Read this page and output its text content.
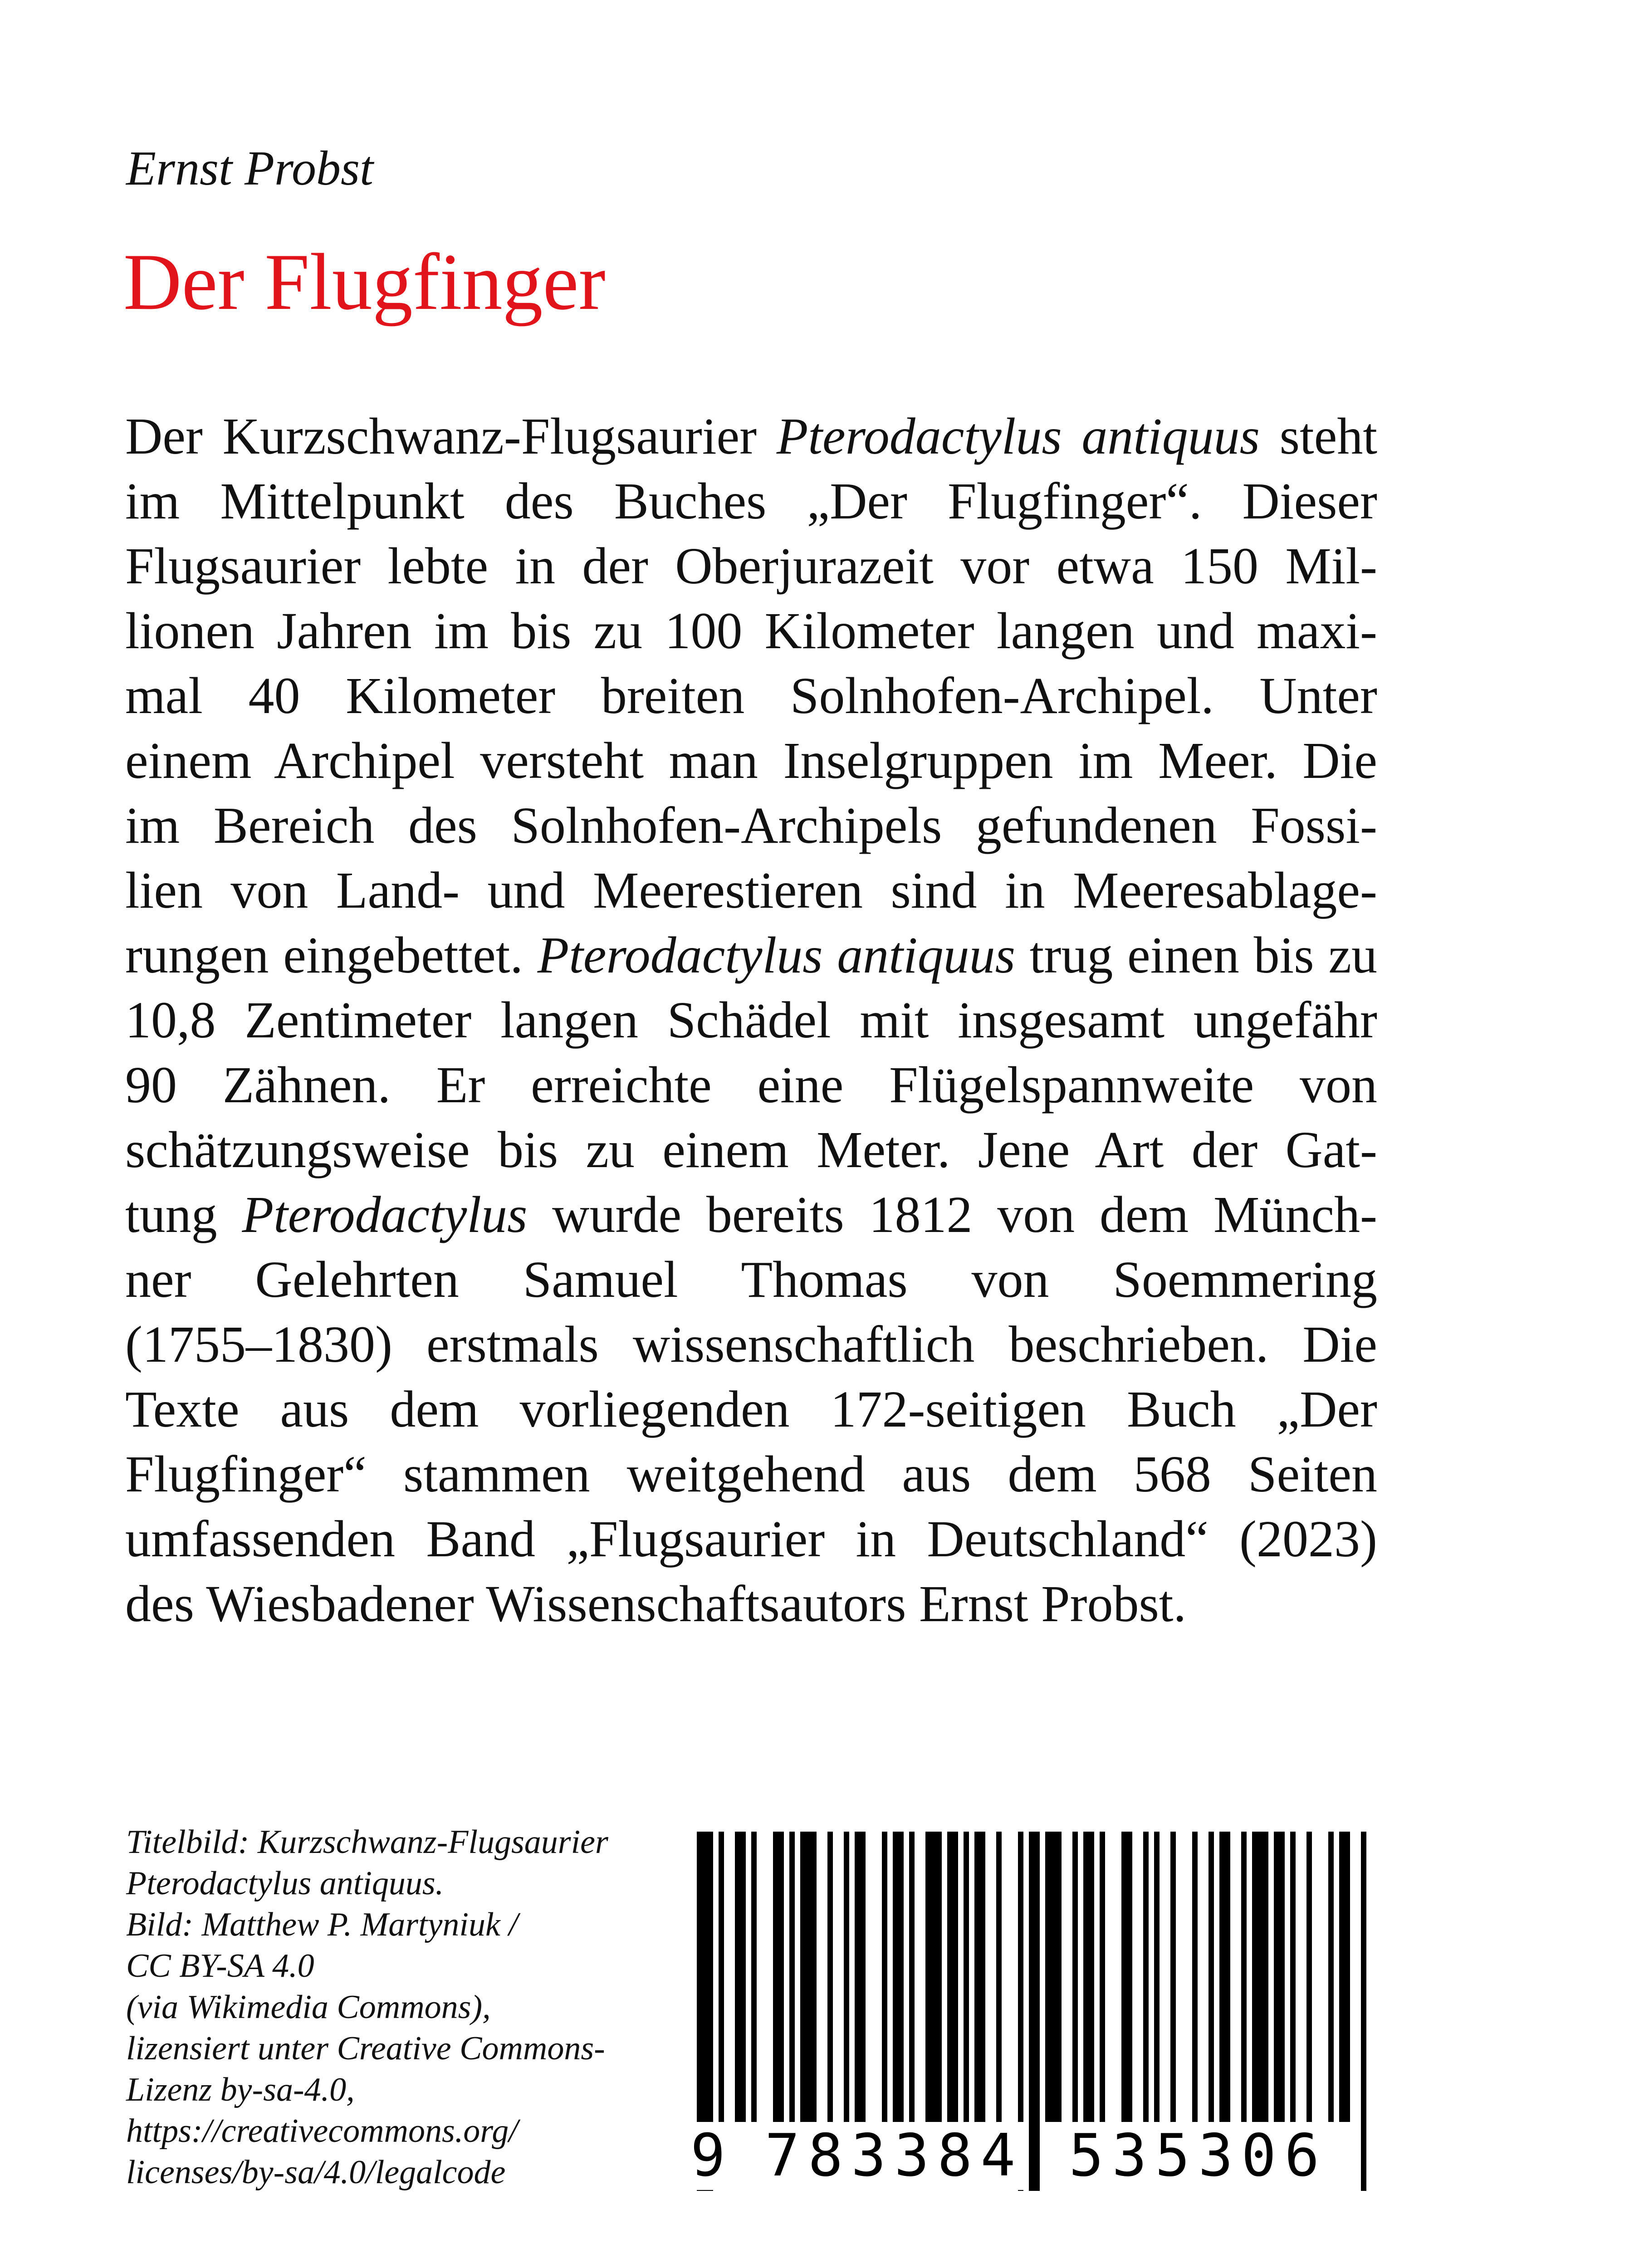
Ernst Probst
Der Flugfinger
Der Kurzschwanz-Flugsaurier Pterodactylus antiquus steht
im Mittelpunkt des Buches „Der Flugfinger“. Dieser
Flugsaurier lebte in der Oberjurazeit vor etwa 150 Mil-
lionen Jahren im bis zu 100 Kilometer langen und maxi-
mal 40 Kilometer breiten Solnhofen-Archipel. Unter
einem Archipel versteht man Inselgruppen im Meer. Die
im Bereich des Solnhofen-Archipels gefundenen Fossi-
lien von Land- und Meerestieren sind in Meeresablage-
rungen eingebettet. Pterodactylus antiquus trug einen bis zu
10,8 Zentimeter langen Schädel mit insgesamt ungefähr
90 Zähnen. Er erreichte eine Flügelspannweite von
schätzungsweise bis zu einem Meter. Jene Art der Gat-
tung Pterodactylus wurde bereits 1812 von dem Münch-
ner Gelehrten Samuel Thomas von Soemmering
(1755–1830) erstmals wissenschaftlich beschrieben. Die
Texte aus dem vorliegenden 172-seitigen Buch „Der
Flugfinger“ stammen weitgehend aus dem 568 Seiten
umfassenden Band „Flugsaurier in Deutschland“ (2023)
des Wiesbadener Wissenschaftsautors Ernst Probst.
Titelbild: Kurzschwanz-Flugsaurier
Pterodactylus antiquus.
Bild: Matthew P. Martyniuk /
CC BY-SA 4.0
(via Wikimedia Commons),
lizensiert unter Creative Commons-
Lizenz by-sa-4.0,
https://creativecommons.org/
licenses/by-sa/4.0/legalcode	9 783384 535306
